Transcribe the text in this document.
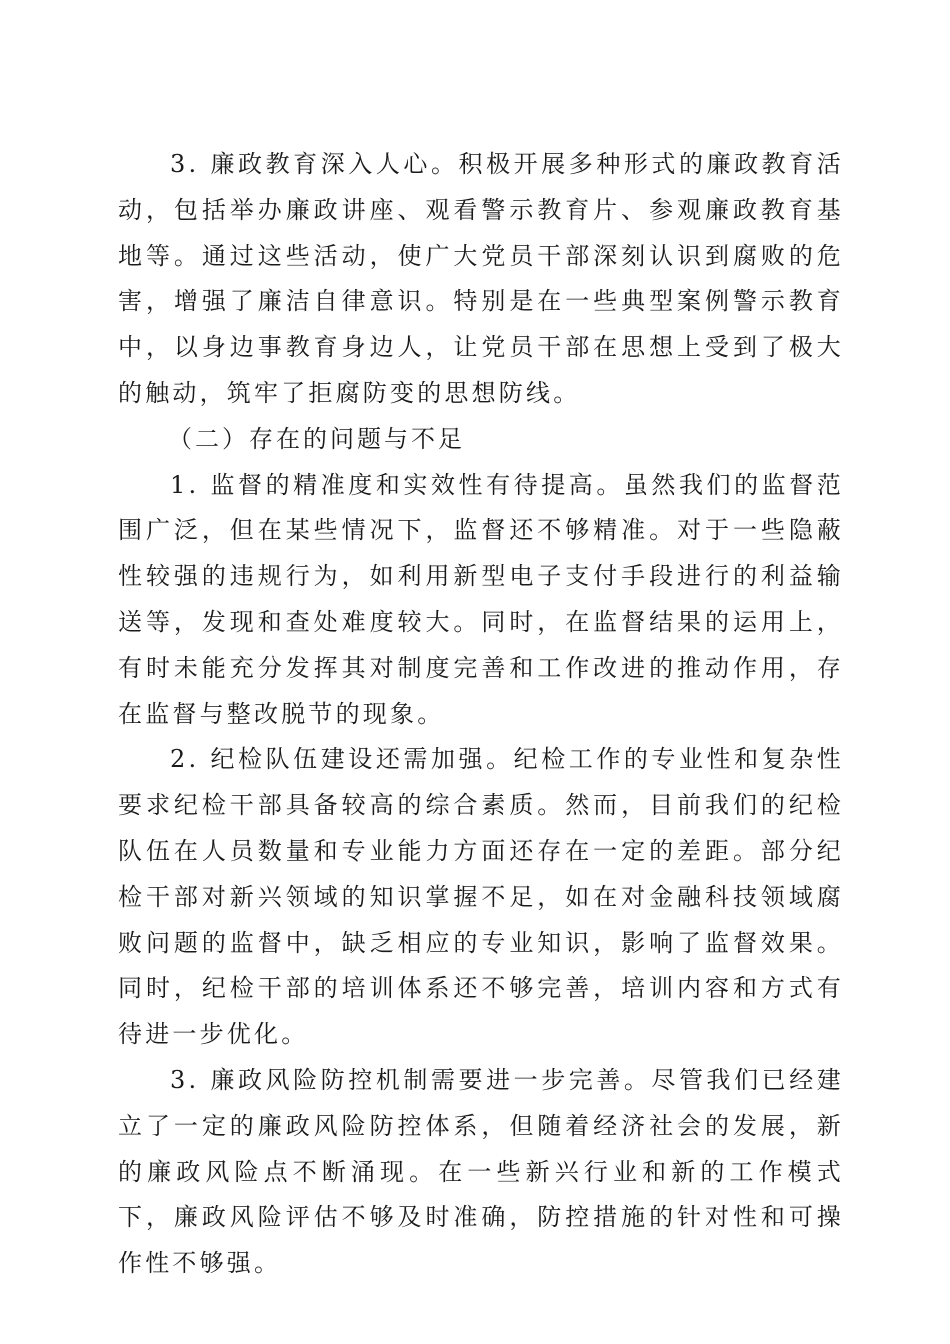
3. 廉政教育深入人心。积极开展多种形式的廉政教育活动，包括举办廉政讲座、观看警示教育片、参观廉政教育基地等。通过这些活动，使广大党员干部深刻认识到腐败的危害，增强了廉洁自律意识。特别是在一些典型案例警示教育中，以身边事教育身边人，让党员干部在思想上受到了极大的触动，筑牢了拒腐防变的思想防线。

（二）存在的问题与不足

1. 监督的精准度和实效性有待提高。虽然我们的监督范围广泛，但在某些情况下，监督还不够精准。对于一些隐蔽性较强的违规行为，如利用新型电子支付手段进行的利益输送等，发现和查处难度较大。同时，在监督结果的运用上，有时未能充分发挥其对制度完善和工作改进的推动作用，存在监督与整改脱节的现象。

2. 纪检队伍建设还需加强。纪检工作的专业性和复杂性要求纪检干部具备较高的综合素质。然而，目前我们的纪检队伍在人员数量和专业能力方面还存在一定的差距。部分纪检干部对新兴领域的知识掌握不足，如在对金融科技领域腐败问题的监督中，缺乏相应的专业知识，影响了监督效果。同时，纪检干部的培训体系还不够完善，培训内容和方式有待进一步优化。

3. 廉政风险防控机制需要进一步完善。尽管我们已经建立了一定的廉政风险防控体系，但随着经济社会的发展，新的廉政风险点不断涌现。在一些新兴行业和新的工作模式下，廉政风险评估不够及时准确，防控措施的针对性和可操作性不够强。
